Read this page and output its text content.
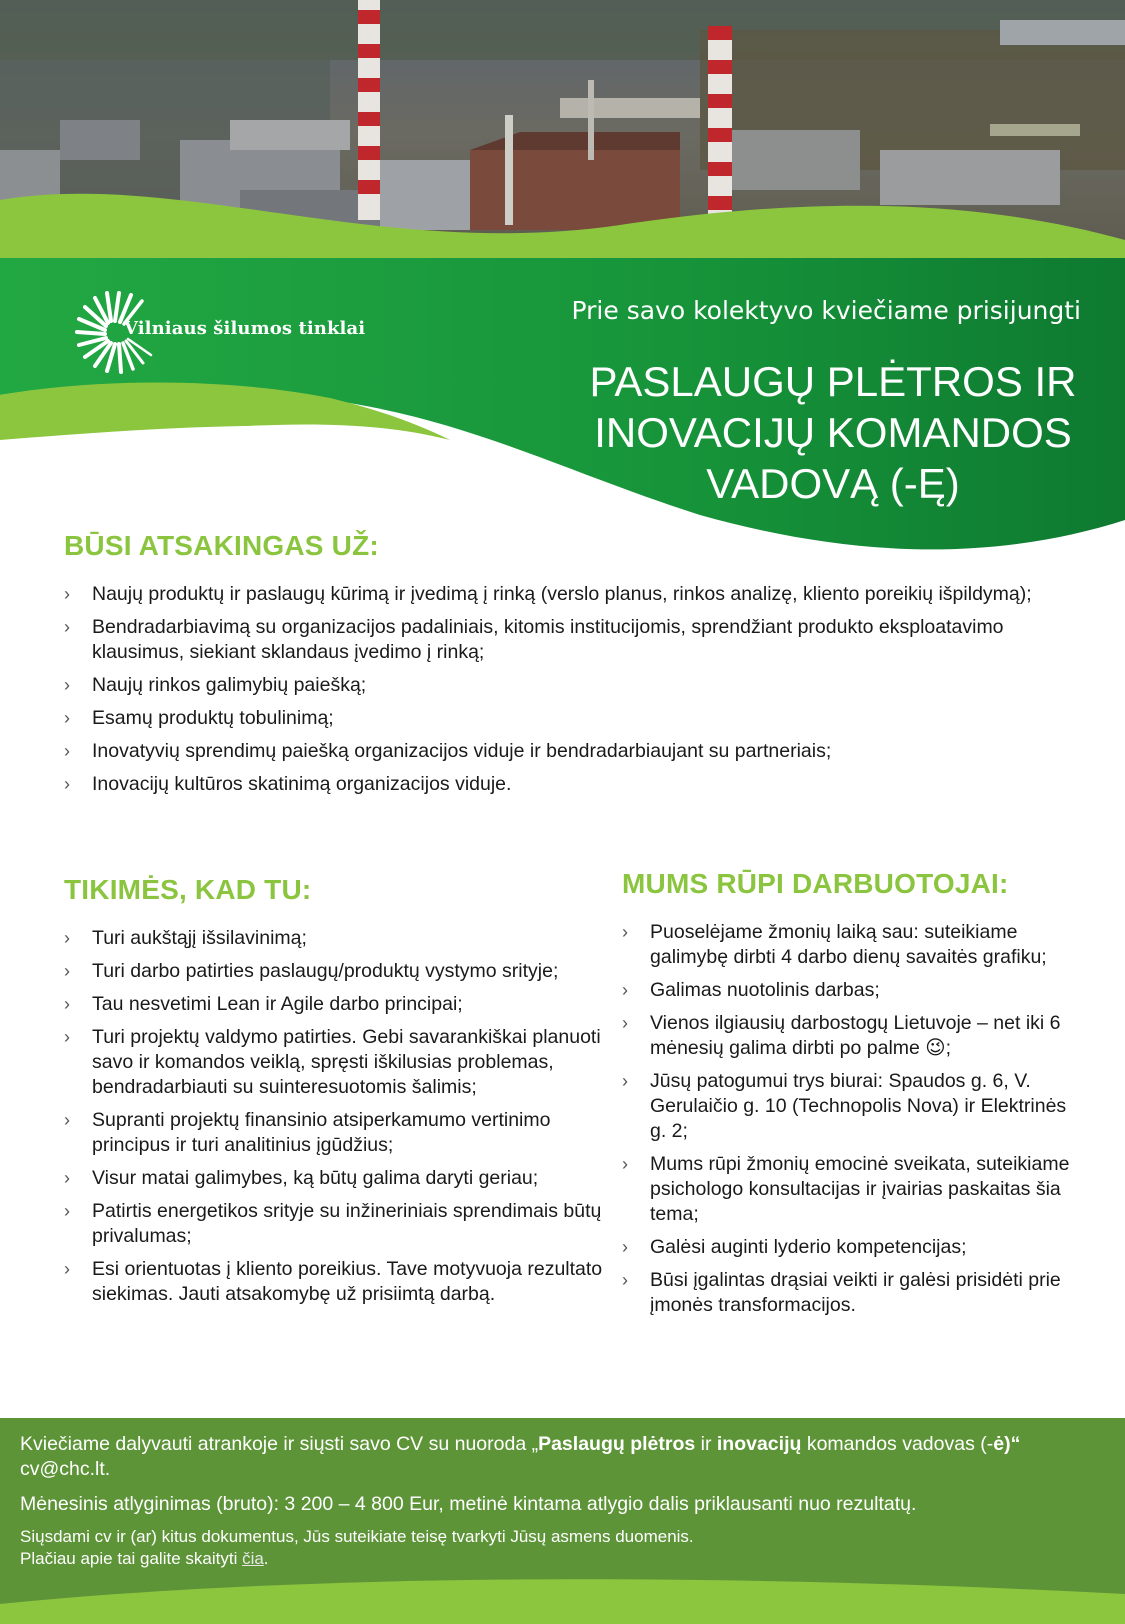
Vilniaus šilumos tinklai
Prie savo kolektyvo kviečiame prisijungti
PASLAUGŲ PLĖTROS IR
INOVACIJŲ KOMANDOS
VADOVĄ (-Ę)
BŪSI ATSAKINGAS UŽ:
› Naujų produktų ir paslaugų kūrimą ir įvedimą į rinką (verslo planus, rinkos analizę, kliento poreikių išpildymą);
› Bendradarbiavimą su organizacijos padaliniais, kitomis institucijomis, sprendžiant produkto eksploatavimo klausimus, siekiant sklandaus įvedimo į rinką;
› Naujų rinkos galimybių paiešką;
› Esamų produktų tobulinimą;
› Inovatyvių sprendimų paiešką organizacijos viduje ir bendradarbiaujant su partneriais;
› Inovacijų kultūros skatinimą organizacijos viduje.
TIKIMĖS, KAD TU:
› Turi aukštąjį išsilavinimą;
› Turi darbo patirties paslaugų/produktų vystymo srityje;
› Tau nesvetimi Lean ir Agile darbo principai;
› Turi projektų valdymo patirties. Gebi savarankiškai planuoti savo ir komandos veiklą, spręsti iškilusias problemas, bendradarbiauti su suinteresuotomis šalimis;
› Supranti projektų finansinio atsiperkamumo vertinimo principus ir turi analitinius įgūdžius;
› Visur matai galimybes, ką būtų galima daryti geriau;
› Patirtis energetikos srityje su inžineriniais sprendimais būtų privalumas;
› Esi orientuotas į kliento poreikius. Tave motyvuoja rezultato siekimas. Jauti atsakomybę už prisiimtą darbą.
MUMS RŪPI DARBUOTOJAI:
› Puoselėjame žmonių laiką sau: suteikiame galimybę dirbti 4 darbo dienų savaitės grafiku;
› Galimas nuotolinis darbas;
› Vienos ilgiausių darbostogų Lietuvoje – net iki 6 mėnesių galima dirbti po palme 😉;
› Jūsų patogumui trys biurai: Spaudos g. 6, V. Gerulaičio g. 10 (Technopolis Nova) ir Elektrinės g. 2;
› Mums rūpi žmonių emocinė sveikata, suteikiame psichologo konsultacijas ir įvairias paskaitas šia tema;
› Galėsi auginti lyderio kompetencijas;
› Būsi įgalintas drąsiai veikti ir galėsi prisidėti prie įmonės transformacijos.
Kviečiame dalyvauti atrankoje ir siųsti savo CV su nuoroda „Paslaugų plėtros ir inovacijų komandos vadovas (-ė)“
cv@chc.lt.
Mėnesinis atlyginimas (bruto): 3 200 – 4 800 Eur, metinė kintama atlygio dalis priklausanti nuo rezultatų.
Siųsdami cv ir (ar) kitus dokumentus, Jūs suteikiate teisę tvarkyti Jūsų asmens duomenis.
Plačiau apie tai galite skaityti čia.
